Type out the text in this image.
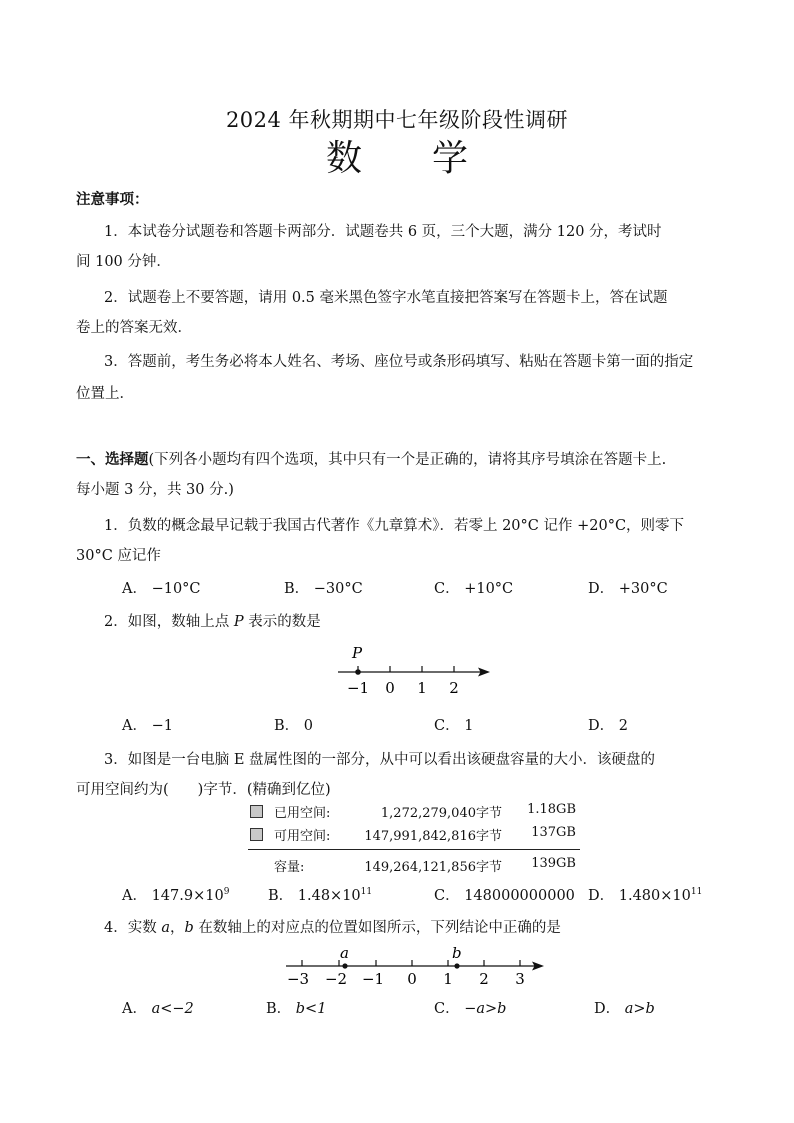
2024 年秋期期中七年级阶段性调研
数学
注意事项：
1．本试卷分试题卷和答题卡两部分．试题卷共 6 页，三个大题，满分 120 分，考试时
间 100 分钟．
2．试题卷上不要答题，请用 0.5 毫米黑色签字水笔直接把答案写在答题卡上，答在试题
卷上的答案无效．
3．答题前，考生务必将本人姓名、考场、座位号或条形码填写、粘贴在答题卡第一面的指定
位置上．
一、选择题(下列各小题均有四个选项，其中只有一个是正确的，请将其序号填涂在答题卡上.
每小题 3 分，共 30 分.)
1．负数的概念最早记载于我国古代著作《九章算术》．若零上 20°C 记作 +20°C，则零下
30°C 应记作
A． −10°C	B． −30°C	C． +10°C	D． +30°C
2．如图，数轴上点 P 表示的数是
P
−1 0 1 2
A． −1	B． 0	C． 1	D． 2
3．如图是一台电脑 E 盘属性图的一部分，从中可以看出该硬盘容量的大小．该硬盘的
可用空间约为(　　)字节．(精确到亿位)
已用空间:	1,272,279,040字节 1.18GB
可用空间:	147,991,842,816字节 137GB
容量:	149,264,121,856字节 139GB
A． $147.9\times 10^9$	B． $1.48\times 10^{11}$	C． 148000000000 D． $1.480\times 10^{11}$
4．实数 a，b 在数轴上的对应点的位置如图所示，下列结论中正确的是
a	b
−3 −2 −1 0 1 2 3
A． a<−2	B． b<1	C． −a>b	D． a>b
